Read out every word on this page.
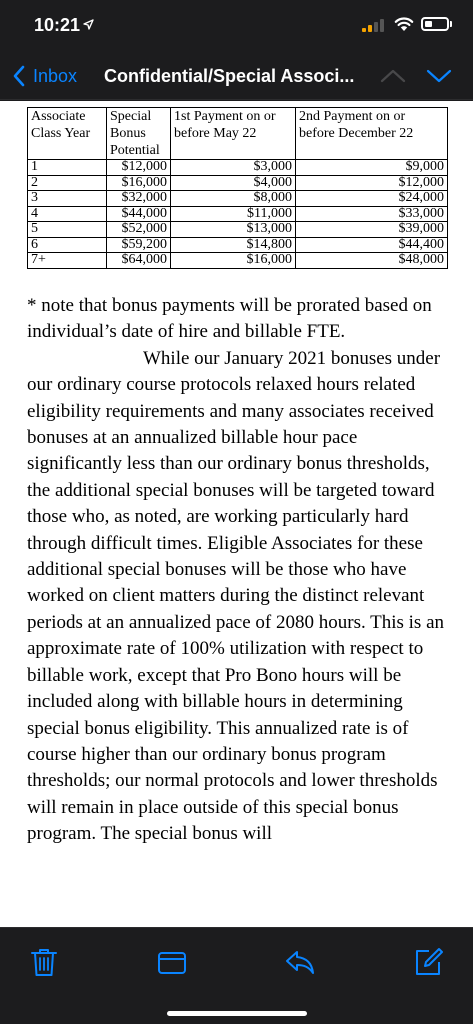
10:21
Inbox Confidential/Special Associ...
Associate Class Year	Special Bonus Potential	1st Payment on or before May 22	2nd Payment on or before December 22
1	$12,000	$3,000	$9,000
2	$16,000	$4,000	$12,000
3	$32,000	$8,000	$24,000
4	$44,000	$11,000	$33,000
5	$52,000	$13,000	$39,000
6	$59,200	$14,800	$44,400
7+	$64,000	$16,000	$48,000

* note that bonus payments will be prorated based on individual’s date of hire and billable FTE.

While our January 2021 bonuses under our ordinary course protocols relaxed hours related eligibility requirements and many associates received bonuses at an annualized billable hour pace significantly less than our ordinary bonus thresholds, the additional special bonuses will be targeted toward those who, as noted, are working particularly hard through difficult times. Eligible Associates for these additional special bonuses will be those who have worked on client matters during the distinct relevant periods at an annualized pace of 2080 hours. This is an approximate rate of 100% utilization with respect to billable work, except that Pro Bono hours will be included along with billable hours in determining special bonus eligibility. This annualized rate is of course higher than our ordinary bonus program thresholds; our normal protocols and lower thresholds will remain in place outside of this special bonus program. The special bonus will
